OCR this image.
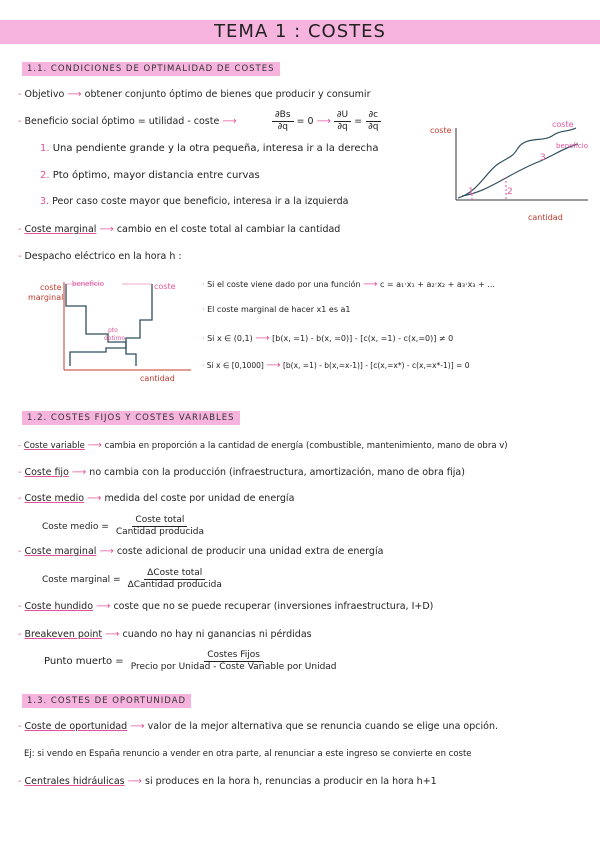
TEMA 1 : COSTES
1.1. CONDICIONES DE OPTIMALIDAD DE COSTES
- Objetivo ⟶ obtener conjunto óptimo de bienes que producir y consumir
- Beneficio social óptimo = utilidad - coste ⟶	$\frac{\partial Bs}{\partial q} = 0$ ⟶ $\frac{\partial U}{\partial q} = \frac{\partial c}{\partial q}$
1. Una pendiente grande y la otra pequeña, interesa ir a la derecha
2. Pto óptimo, mayor distancia entre curvas
3. Peor caso coste mayor que beneficio, interesa ir a la izquierda
coste
cantidad
coste
beneficio
1	2
3
- Coste marginal ⟶ cambio en el coste total al cambiar la cantidad
- Despacho eléctrico en la hora h :
coste
marginal
cantidad
beneficio	coste
pto
óptimo
· Si el coste viene dado por una función ⟶ c = a₁·x₁ + a₂·x₂ + a₃·x₃ + ...
· El coste marginal de hacer x1 es a1
· Si x ∈ (0,1) ⟶ [b(x, =1) - b(x, =0)] - [c(x, =1) - c(x,=0)] ≠ 0
· Si x ∈ [0,1000] ⟶ [b(x, =1) - b(x,=x-1)] - [c(x,=x*) - c(x,=x*-1)] = 0
1.2. COSTES FIJOS Y COSTES VARIABLES
- Coste variable ⟶ cambia en proporción a la cantidad de energía (combustible, mantenimiento, mano de obra v)
- Coste fijo ⟶ no cambia con la producción (infraestructura, amortización, mano de obra fija)
- Coste medio ⟶ medida del coste por unidad de energía
Coste medio = $\frac{\text{Coste total}}{\text{Cantidad producida}}$
- Coste marginal ⟶ coste adicional de producir una unidad extra de energía
Coste marginal = $\frac{\text{ΔCoste total}}{\text{ΔCantidad producida}}$
- Coste hundido ⟶ coste que no se puede recuperar (inversiones infraestructura, I+D)
- Breakeven point ⟶ cuando no hay ni ganancias ni pérdidas
Punto muerto = $\frac{\text{Costes Fijos}}{\text{Precio por Unidad - Coste Variable por Unidad}}$
1.3. COSTES DE OPORTUNIDAD
- Coste de oportunidad ⟶ valor de la mejor alternativa que se renuncia cuando se elige una opción.
Ej: si vendo en España renuncio a vender en otra parte, al renunciar a este ingreso se convierte en coste
- Centrales hidráulicas ⟶ si produces en la hora h, renuncias a producir en la hora h+1
